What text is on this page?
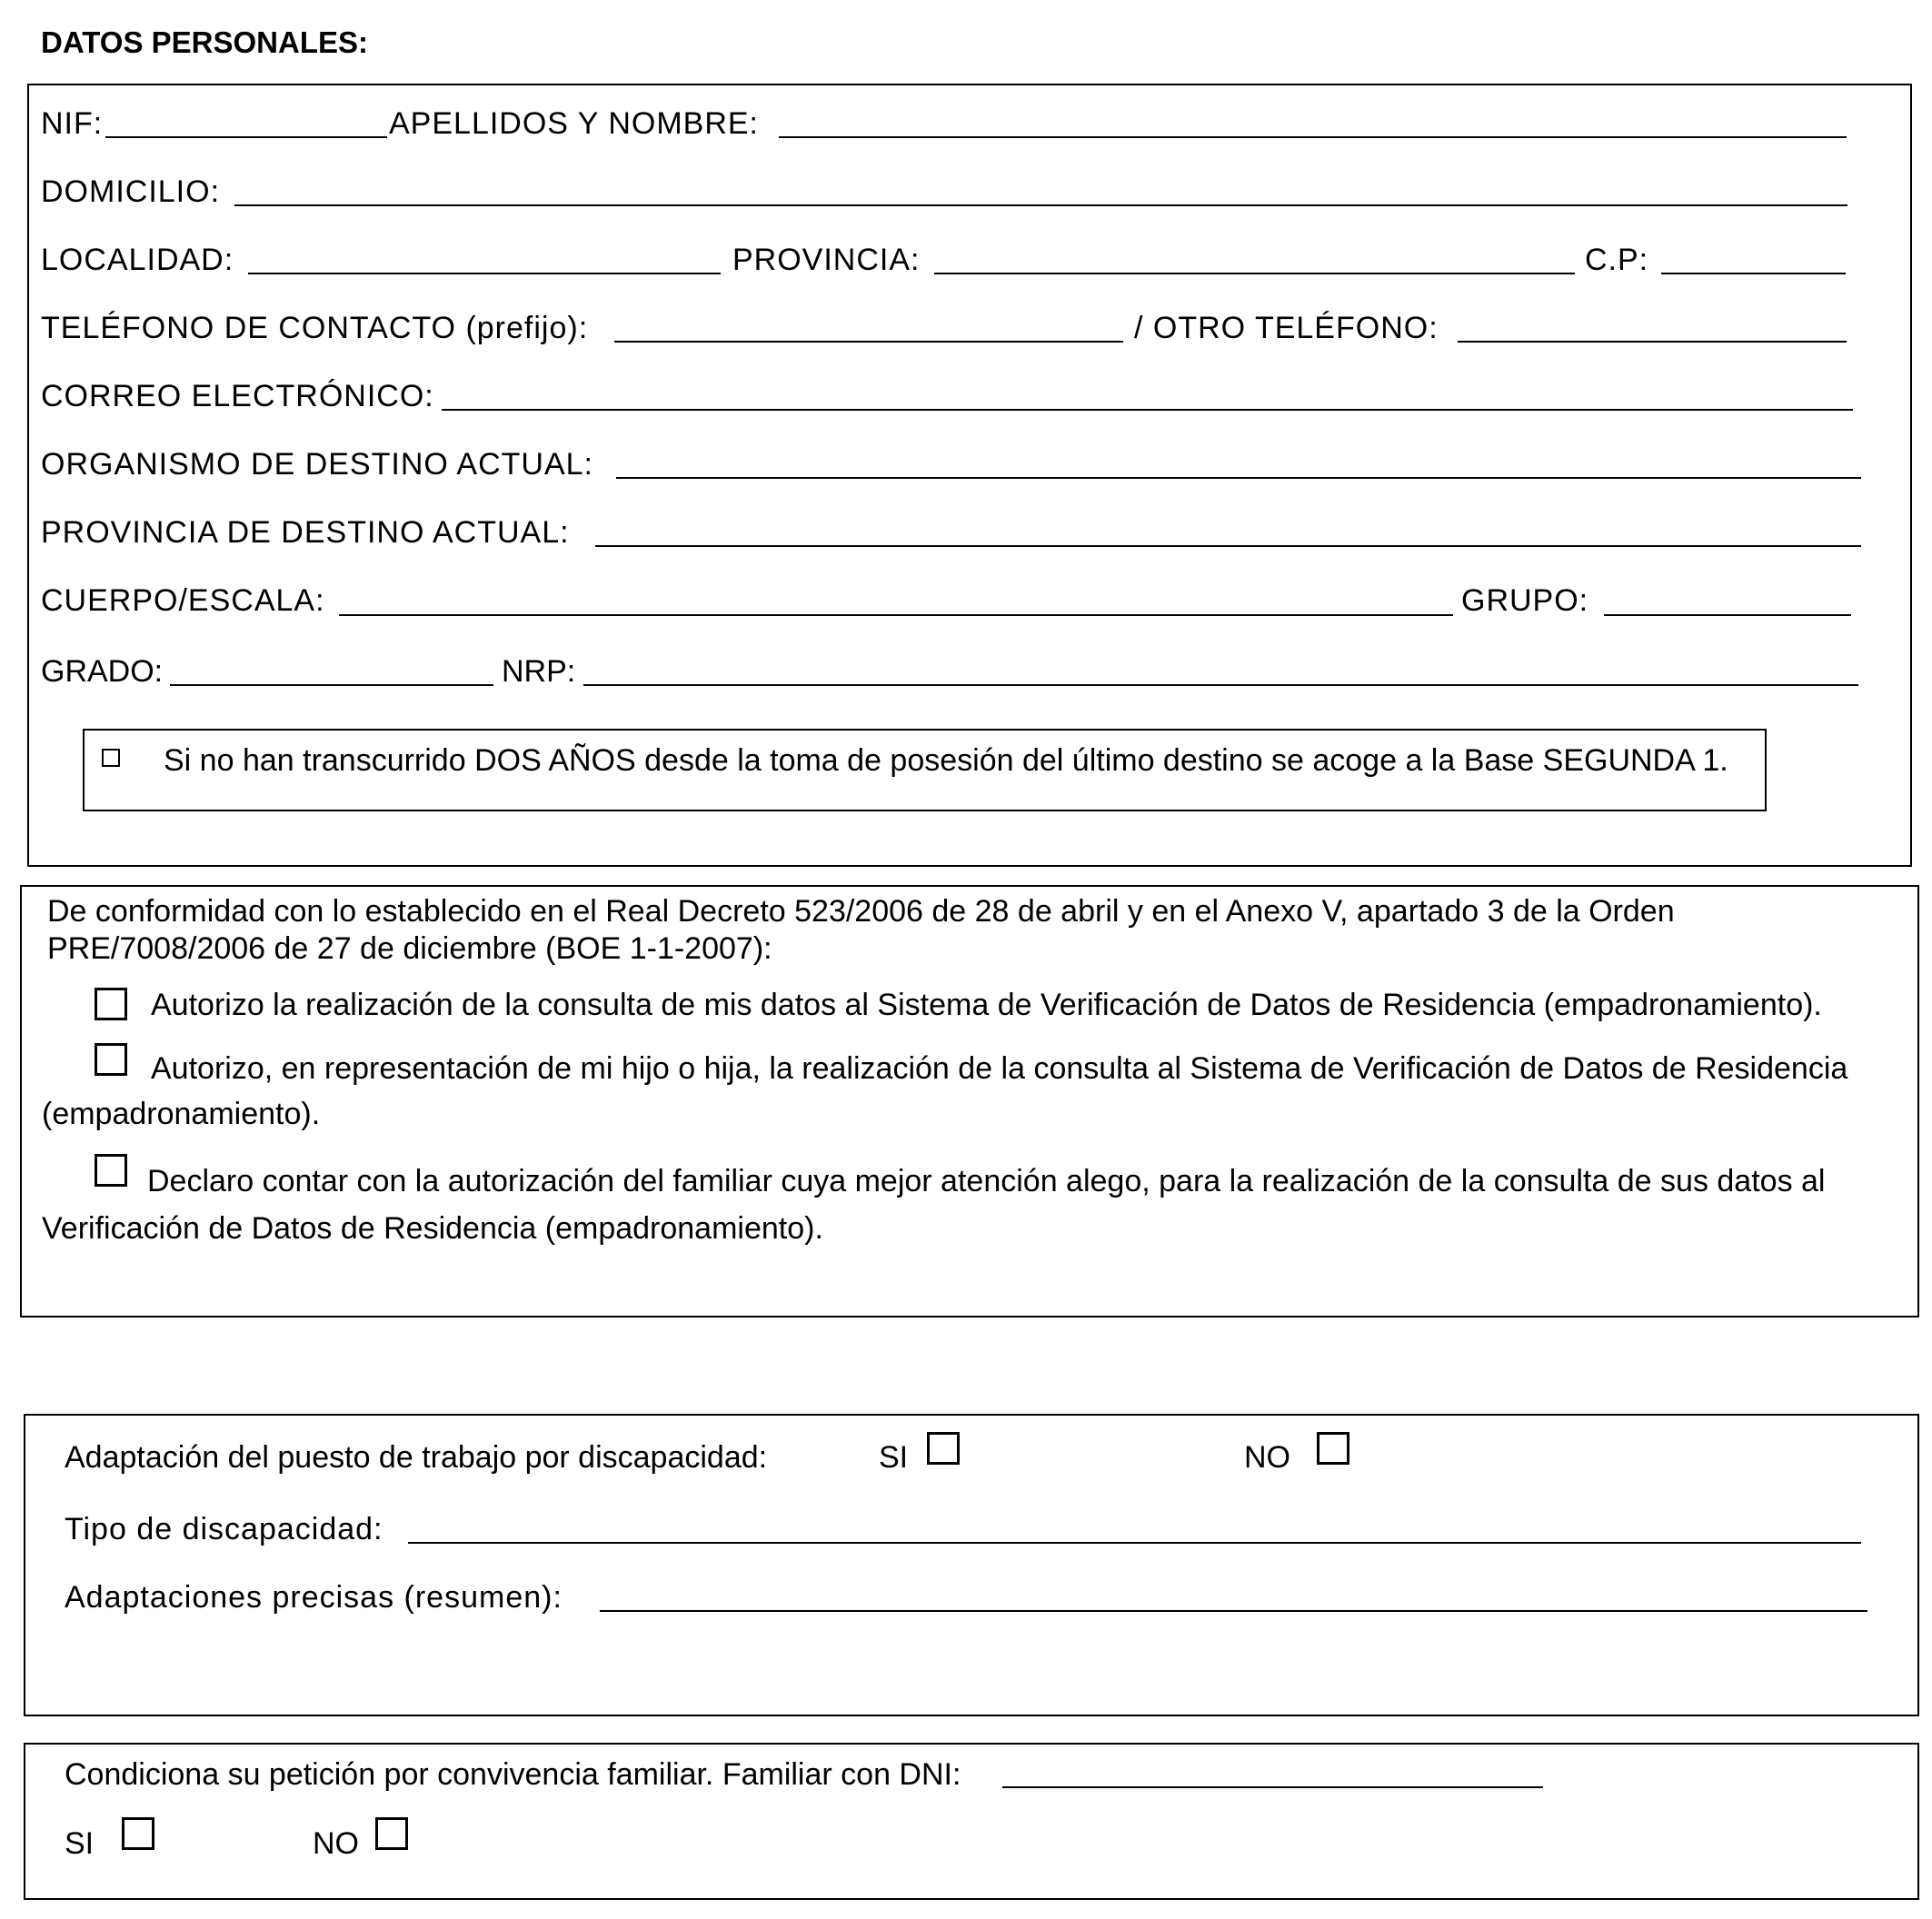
DATOS PERSONALES:
NIF:	APELLIDOS Y NOMBRE:
DOMICILIO:
LOCALIDAD:	PROVINCIA:	C.P:
TELÉFONO DE CONTACTO (prefijo):	/ OTRO TELÉFONO:
CORREO ELECTRÓNICO:
ORGANISMO DE DESTINO ACTUAL:
PROVINCIA DE DESTINO ACTUAL:
CUERPO/ESCALA:	GRUPO:
GRADO:	NRP:
Si no han transcurrido DOS AÑOS desde la toma de posesión del último destino se acoge a la Base SEGUNDA 1.
De conformidad con lo establecido en el Real Decreto 523/2006 de 28 de abril y en el Anexo V, apartado 3 de la Orden
PRE/7008/2006 de 27 de diciembre (BOE 1-1-2007):
Autorizo la realización de la consulta de mis datos al Sistema de Verificación de Datos de Residencia (empadronamiento).
Autorizo, en representación de mi hijo o hija, la realización de la consulta al Sistema de Verificación de Datos de Residencia
(empadronamiento).
Declaro contar con la autorización del familiar cuya mejor atención alego, para la realización de la consulta de sus datos al
Verificación de Datos de Residencia (empadronamiento).
Adaptación del puesto de trabajo por discapacidad:	SI	NO
Tipo de discapacidad:
Adaptaciones precisas (resumen):
Condiciona su petición por convivencia familiar. Familiar con DNI:
SI	NO
